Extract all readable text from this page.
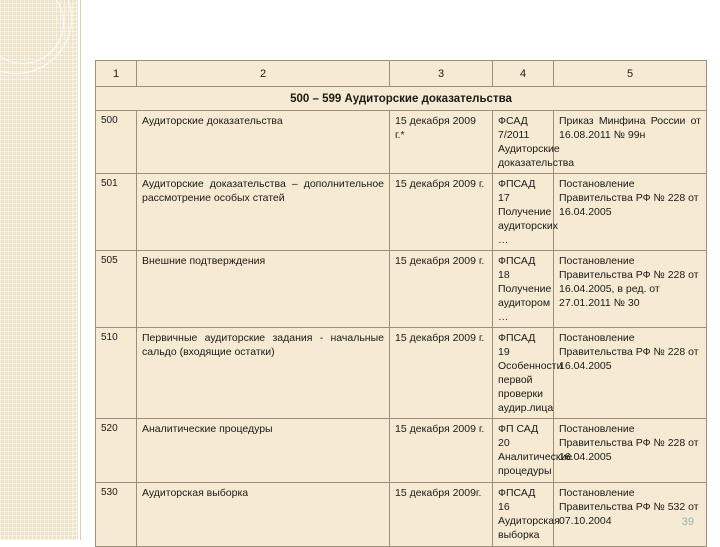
1	2	3	4	5
500 – 599 Аудиторские доказательства				
500	Аудиторские доказательства	15 декабря 2009 г.*	ФСАД 7/2011 Аудиторские доказательства	Приказ Минфина России от 16.08.2011 № 99н
501	Аудиторские доказательства – дополнительное рассмотрение особых статей	15 декабря 2009 г.	ФПСАД 17 Получение аудиторских …	Постановление Правительства РФ № 228 от 16.04.2005
505	Внешние подтверждения	15 декабря 2009 г.	ФПСАД 18 Получение аудитором …	Постановление Правительства РФ № 228 от 16.04.2005, в ред. от 27.01.2011 № 30
510	Первичные аудиторские задания - начальные сальдо (входящие остатки)	15 декабря 2009 г.	ФПСАД 19 Особенности первой проверки аудир.лица	Постановление Правительства РФ № 228 от 16.04.2005
520	Аналитические процедуры	15 декабря 2009 г.	ФП САД 20 Аналитические процедуры	Постановление Правительства РФ № 228 от 16.04.2005
530	Аудиторская выборка	15 декабря 2009г.	ФПСАД 16 Аудиторская выборка	Постановление Правительства РФ № 532 от 07.10.2004	39
